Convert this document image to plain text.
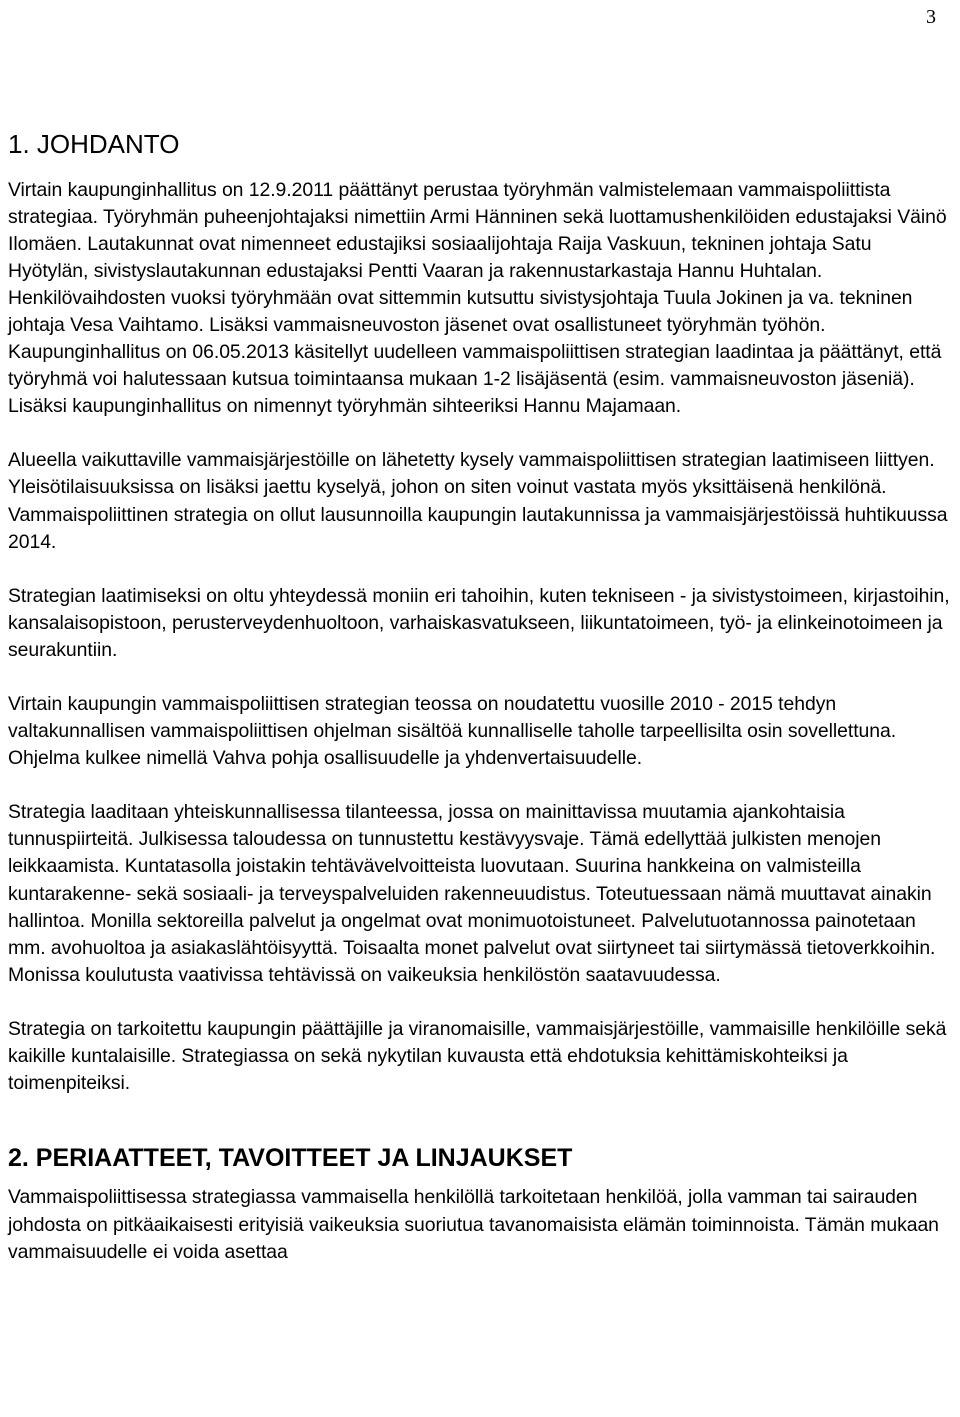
3
1. JOHDANTO

Virtain kaupunginhallitus on 12.9.2011 päättänyt perustaa työryhmän valmistelemaan vammaispoliittista strategiaa. Työryhmän puheenjohtajaksi nimettiin Armi Hänninen sekä luottamushenkilöiden edustajaksi Väinö Ilomäen. Lautakunnat ovat nimenneet edustajiksi sosiaalijohtaja Raija Vaskuun, tekninen johtaja Satu Hyötylän, sivistyslautakunnan edustajaksi Pentti Vaaran ja rakennustarkastaja Hannu Huhtalan. Henkilövaihdosten vuoksi työryhmään ovat sittemmin kutsuttu sivistysjohtaja Tuula Jokinen ja va. tekninen johtaja Vesa Vaihtamo. Lisäksi vammaisneuvoston jäsenet ovat osallistuneet työryhmän työhön. Kaupunginhallitus on 06.05.2013 käsitellyt uudelleen vammaispoliittisen strategian laadintaa ja päättänyt, että työryhmä voi halutessaan kutsua toimintaansa mukaan 1-2 lisäjäsentä (esim. vammaisneuvoston jäseniä). Lisäksi kaupunginhallitus on nimennyt työryhmän sihteeriksi Hannu Majamaan.

Alueella vaikuttaville vammaisjärjestöille on lähetetty kysely vammaispoliittisen strategian laatimiseen liittyen. Yleisötilaisuuksissa on lisäksi jaettu kyselyä, johon on siten voinut vastata myös yksittäisenä henkilönä. Vammaispoliittinen strategia on ollut lausunnoilla kaupungin lautakunnissa ja vammaisjärjestöissä huhtikuussa 2014.

Strategian laatimiseksi on oltu yhteydessä moniin eri tahoihin, kuten tekniseen - ja sivistystoimeen, kirjastoihin, kansalaisopistoon, perusterveydenhuoltoon, varhaiskasvatukseen, liikuntatoimeen, työ- ja elinkeinotoimeen ja seurakuntiin.

Virtain kaupungin vammaispoliittisen strategian teossa on noudatettu vuosille 2010 - 2015 tehdyn valtakunnallisen vammaispoliittisen ohjelman sisältöä kunnalliselle taholle tarpeellisilta osin sovellettuna. Ohjelma kulkee nimellä Vahva pohja osallisuudelle ja yhdenvertaisuudelle.

Strategia laaditaan yhteiskunnallisessa tilanteessa, jossa on mainittavissa muutamia ajankohtaisia tunnuspiirteitä. Julkisessa taloudessa on tunnustettu kestävyysvaje. Tämä edellyttää julkisten menojen leikkaamista. Kuntatasolla joistakin tehtävävelvoitteista luovutaan. Suurina hankkeina on valmisteilla kuntarakenne- sekä sosiaali- ja terveyspalveluiden rakenneuudistus. Toteutuessaan nämä muuttavat ainakin hallintoa. Monilla sektoreilla palvelut ja ongelmat ovat monimuotoistuneet. Palvelutuotannossa painotetaan mm. avohuoltoa ja asiakaslähtöisyyttä. Toisaalta monet palvelut ovat siirtyneet tai siirtymässä tietoverkkoihin. Monissa koulutusta vaativissa tehtävissä on vaikeuksia henkilöstön saatavuudessa.

Strategia on tarkoitettu kaupungin päättäjille ja viranomaisille, vammaisjärjestöille, vammaisille henkilöille sekä kaikille kuntalaisille. Strategiassa on sekä nykytilan kuvausta että ehdotuksia kehittämiskohteiksi ja toimenpiteiksi.

2. PERIAATTEET, TAVOITTEET JA LINJAUKSET

Vammaispoliittisessa strategiassa vammaisella henkilöllä tarkoitetaan henkilöä, jolla vamman tai sairauden johdosta on pitkäaikaisesti erityisiä vaikeuksia suoriutua tavanomaisista elämän toiminnoista. Tämän mukaan vammaisuudelle ei voida asettaa
